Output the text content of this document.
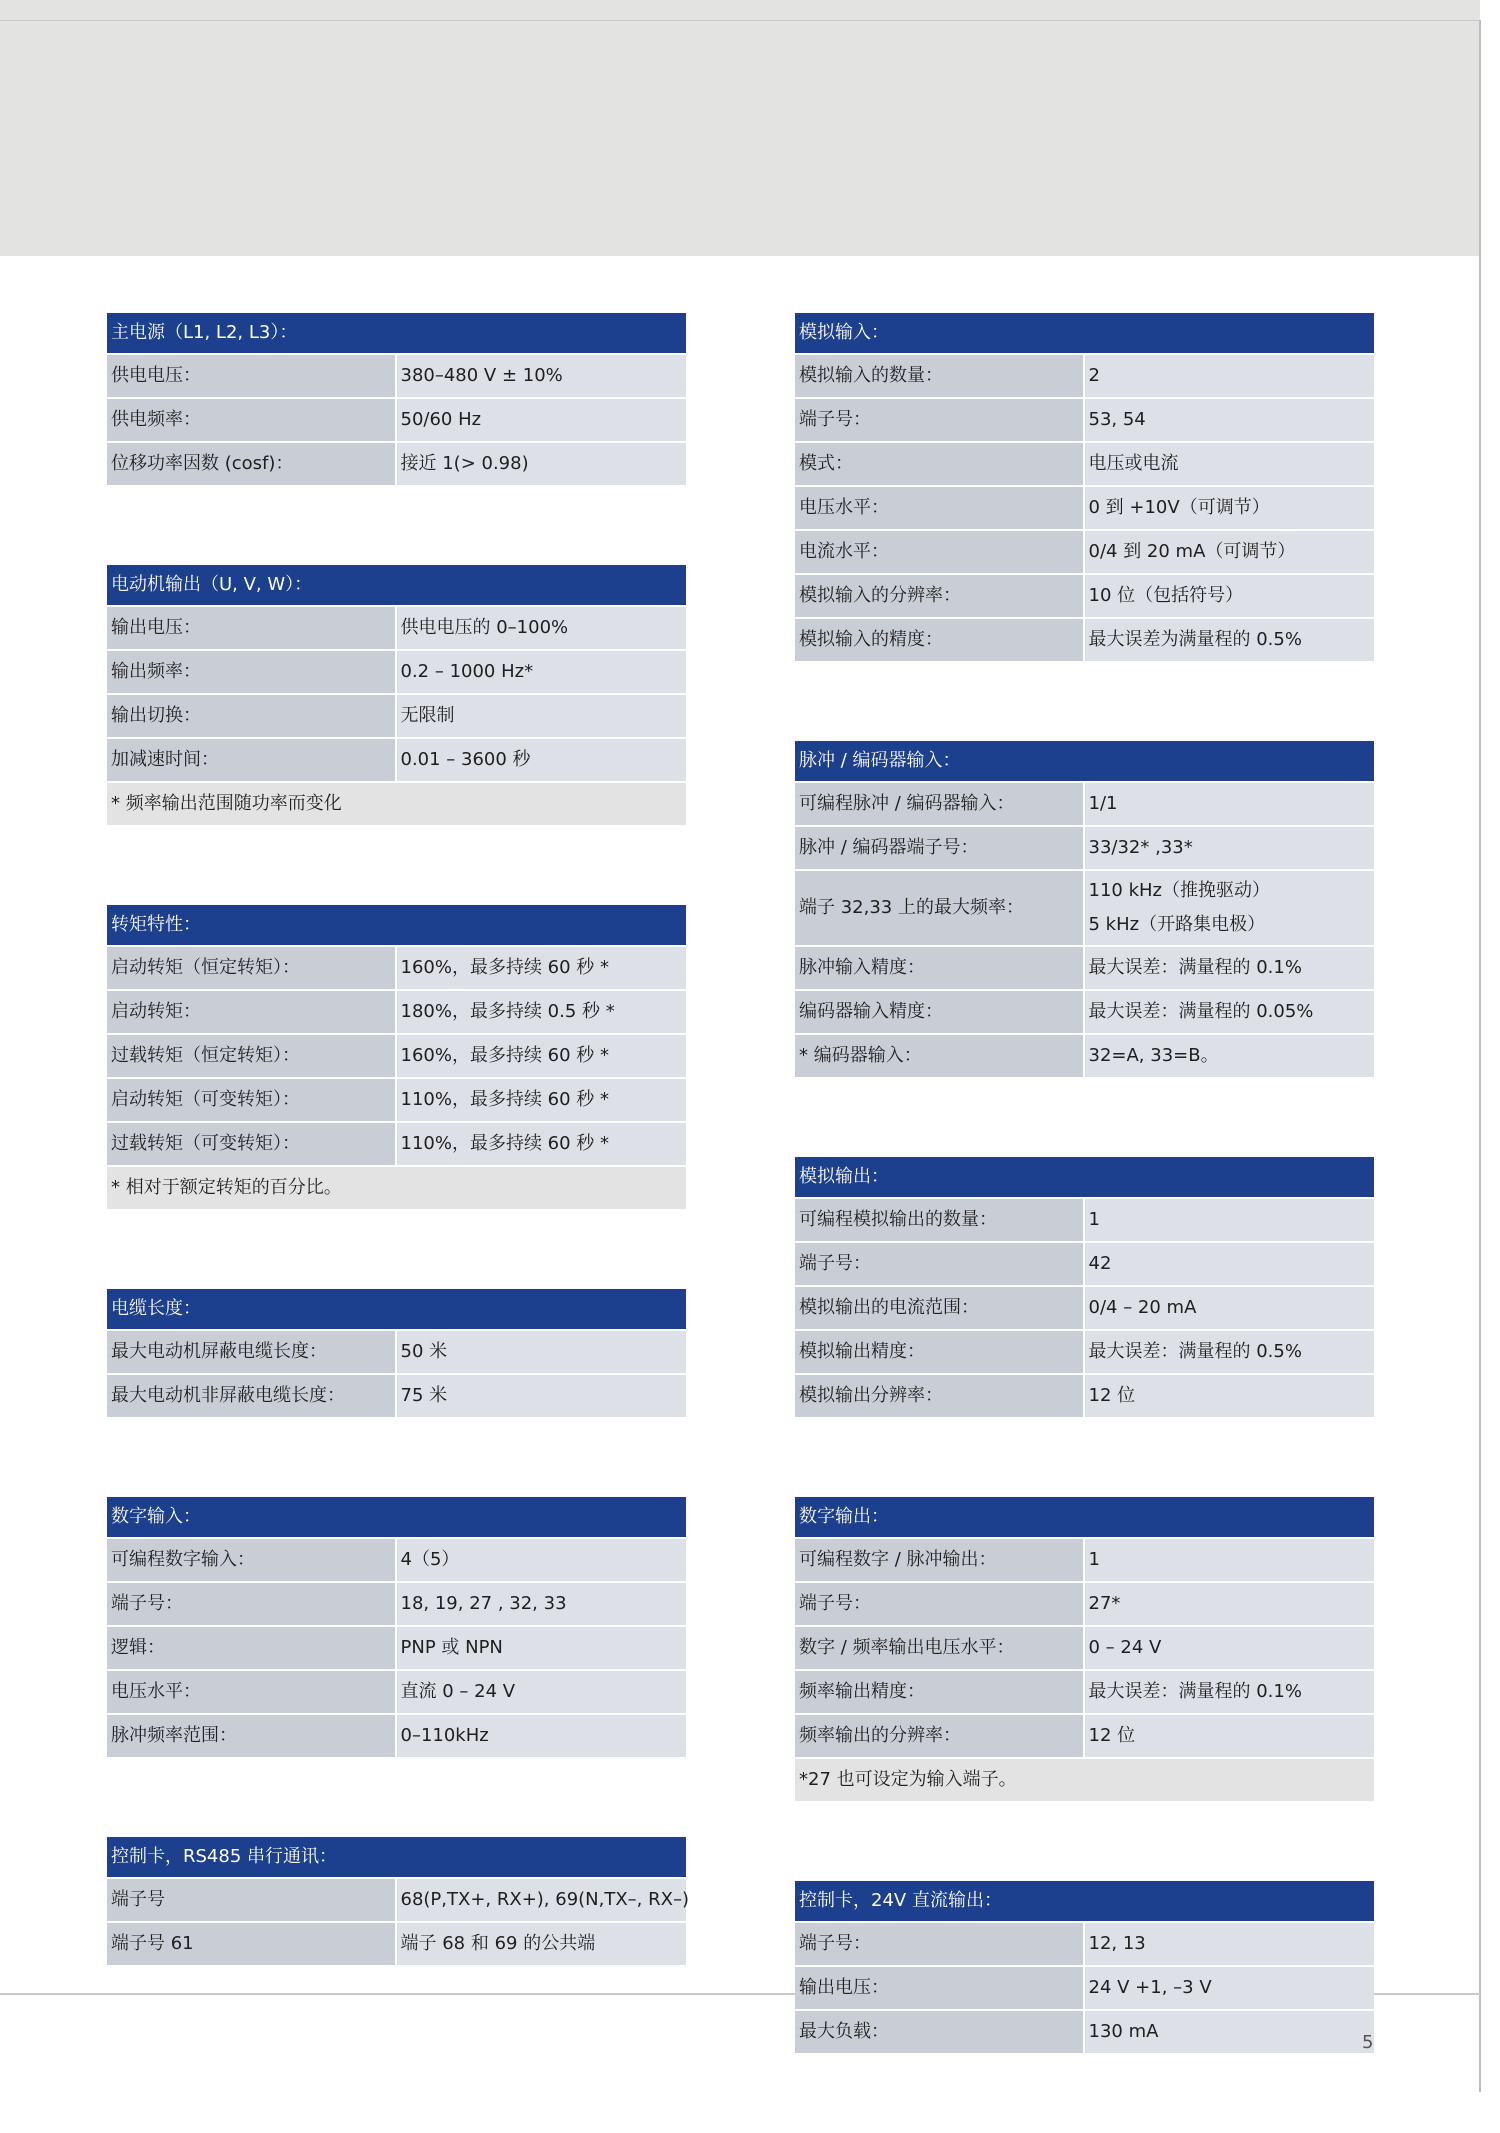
主电源（L1, L2, L3）：	
供电电压：	380–480 V ± 10%
供电频率：	50/60 Hz
位移功率因数 (cosf)：	接近 1(> 0.98)
电动机输出（U, V, W）：	
输出电压：	供电电压的 0–100%
输出频率：	0.2 – 1000 Hz*
输出切换：	无限制
加减速时间：	0.01 – 3600 秒
* 频率输出范围随功率而变化	
转矩特性：	
启动转矩（恒定转矩）：	160%，最多持续 60 秒 *
启动转矩：	180%，最多持续 0.5 秒 *
过载转矩（恒定转矩）：	160%，最多持续 60 秒 *
启动转矩（可变转矩）：	110%，最多持续 60 秒 *
过载转矩（可变转矩）：	110%，最多持续 60 秒 *
* 相对于额定转矩的百分比。	
电缆长度：	
最大电动机屏蔽电缆长度：	50 米
最大电动机非屏蔽电缆长度：	75 米
数字输入：	
可编程数字输入：	4（5）
端子号：	18, 19, 27 , 32, 33
逻辑：	PNP 或 NPN
电压水平：	直流 0 – 24 V
脉冲频率范围：	0–110kHz
控制卡，RS485 串行通讯：	
端子号	68(P,TX+, RX+), 69(N,TX–, RX–)
端子号 61	端子 68 和 69 的公共端
模拟输入：	
模拟输入的数量：	2
端子号：	53, 54
模式：	电压或电流
电压水平：	0 到 +10V（可调节）
电流水平：	0/4 到 20 mA（可调节）
模拟输入的分辨率：	10 位（包括符号）
模拟输入的精度：	最大误差为满量程的 0.5%
脉冲 / 编码器输入：	
可编程脉冲 / 编码器输入：	1/1
脉冲 / 编码器端子号：	33/32* ,33*
端子 32,33 上的最大频率：	110 kHz（推挽驱动）
5 kHz（开路集电极）

脉冲输入精度：	最大误差：满量程的 0.1%
编码器输入精度：	最大误差：满量程的 0.05%
* 编码器输入：	32=A, 33=B。
模拟输出：	
可编程模拟输出的数量：	1
端子号：	42
模拟输出的电流范围：	0/4 – 20 mA
模拟输出精度：	最大误差：满量程的 0.5%
模拟输出分辨率：	12 位
数字输出：	
可编程数字 / 脉冲输出：	1
端子号：	27*
数字 / 频率输出电压水平：	0 – 24 V
频率输出精度：	最大误差：满量程的 0.1%
频率输出的分辨率：	12 位
*27 也可设定为输入端子。	
控制卡，24V 直流输出：	
端子号：	12, 13
输出电压：	24 V +1, –3 V
最大负载：	130 mA
5
